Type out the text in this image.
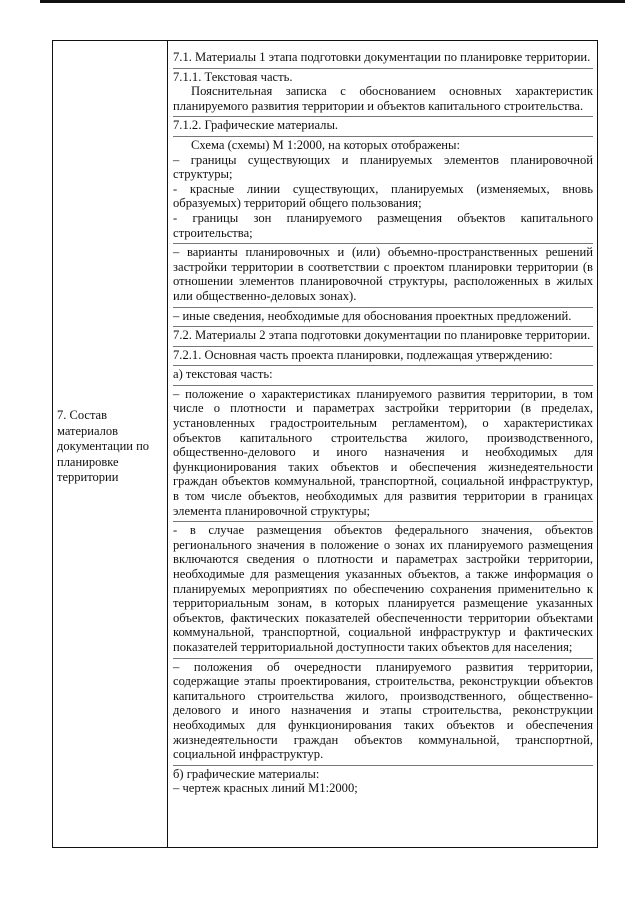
7. Состав материалов документации по планировке территории

7.1. Материалы 1 этапа подготовки документации по планировке территории.

7.1.1. Текстовая часть.

Пояснительная записка с обоснованием основных характеристик планируемого развития территории и объектов капитального строительства.

7.1.2. Графические материалы.

Схема (схемы) М 1:2000, на которых отображены:

– границы существующих и планируемых элементов планировочной структуры;

- красные линии существующих, планируемых (изменяемых, вновь образуемых) территорий общего пользования;

- границы зон планируемого размещения объектов капитального строительства;

– варианты планировочных и (или) объемно-пространственных решений застройки территории в соответствии с проектом планировки территории (в отношении элементов планировочной структуры, расположенных в жилых или общественно-деловых зонах).

– иные сведения, необходимые для обоснования проектных предложений.

7.2. Материалы 2 этапа подготовки документации по планировке территории.

7.2.1. Основная часть проекта планировки, подлежащая утверждению:

а) текстовая часть:

– положение о характеристиках планируемого развития территории, в том числе о плотности и параметрах застройки территории (в пределах, установленных градостроительным регламентом), о характеристиках объектов капитального строительства жилого, производственного, общественно-делового и иного назначения и необходимых для функционирования таких объектов и обеспечения жизнедеятельности граждан объектов коммунальной, транспортной, социальной инфраструктур, в том числе объектов, необходимых для развития территории в границах элемента планировочной структуры;

- в случае размещения объектов федерального значения, объектов регионального значения в положение о зонах их планируемого размещения включаются сведения о плотности и параметрах застройки территории, необходимые для размещения указанных объектов, а также информация о планируемых мероприятиях по обеспечению сохранения применительно к территориальным зонам, в которых планируется размещение указанных объектов, фактических показателей обеспеченности территории объектами коммунальной, транспортной, социальной инфраструктур и фактических показателей территориальной доступности таких объектов для населения;

– положения об очередности планируемого развития территории, содержащие этапы проектирования, строительства, реконструкции объектов капитального строительства жилого, производственного, общественно-делового и иного назначения и этапы строительства, реконструкции необходимых для функционирования таких объектов и обеспечения жизнедеятельности граждан объектов коммунальной, транспортной, социальной инфраструктур.

б) графические материалы:

– чертеж красных линий М1:2000;
